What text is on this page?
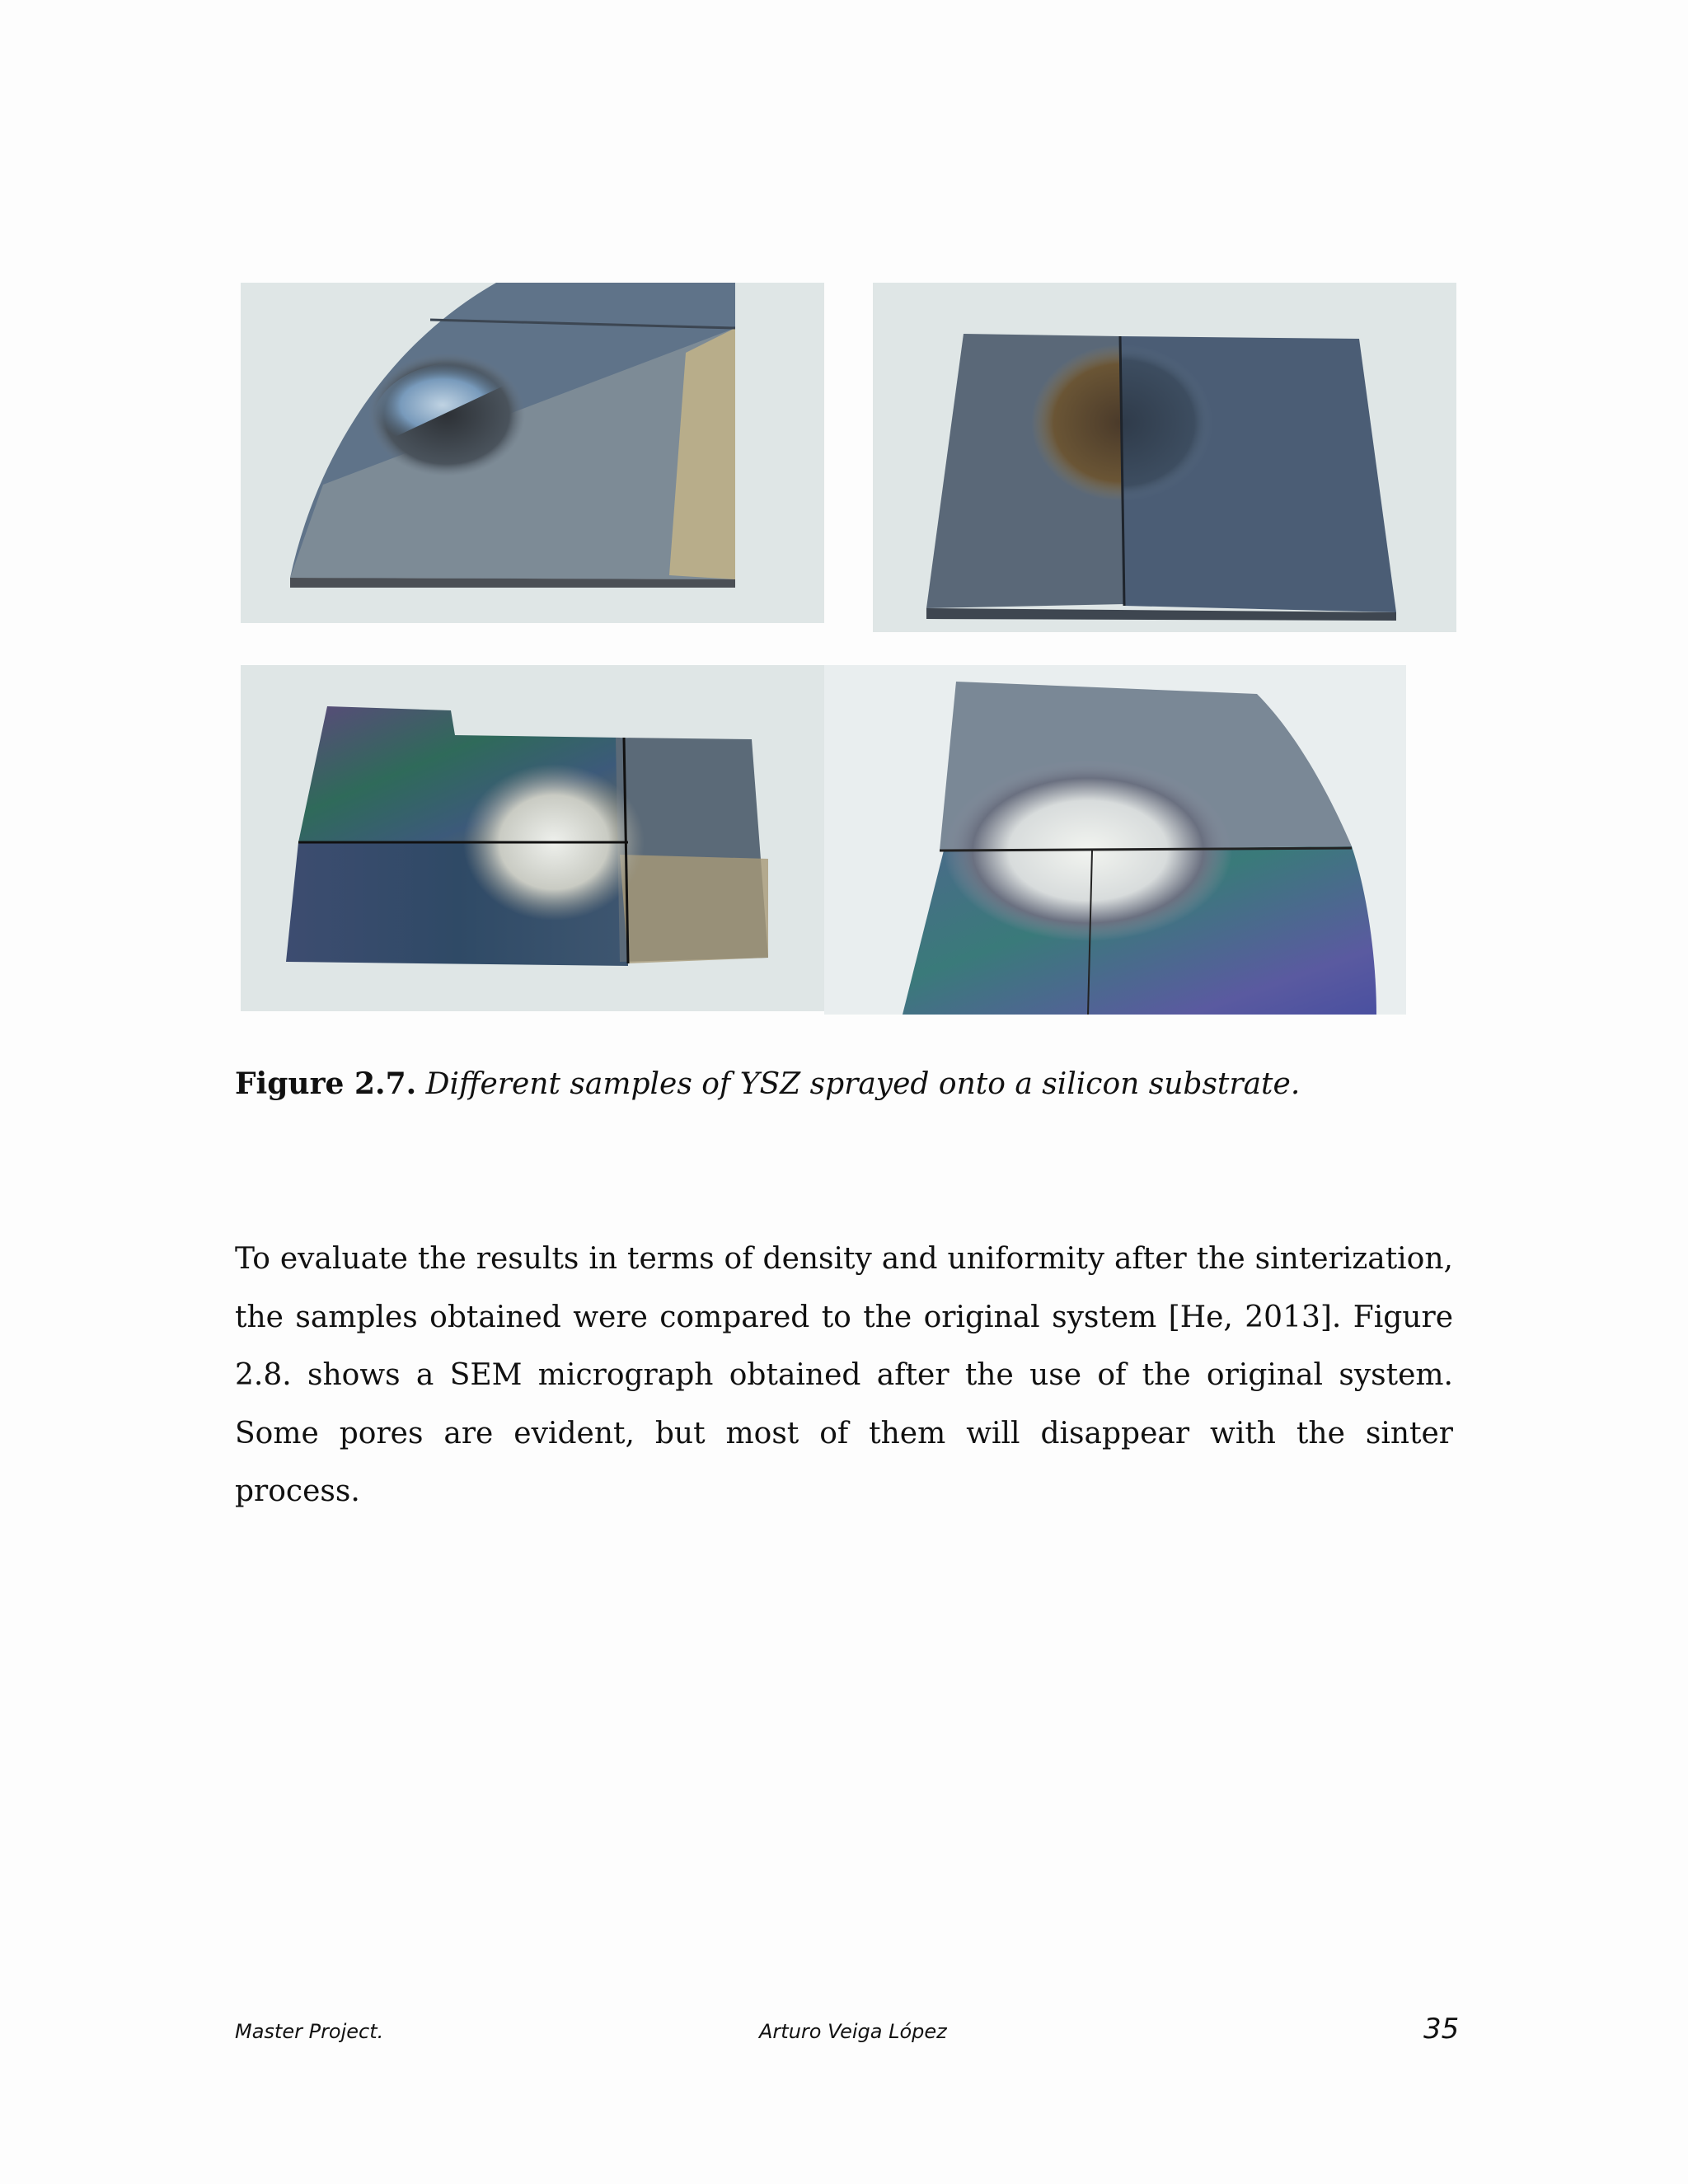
Figure 2.7. Different samples of YSZ sprayed onto a silicon substrate.
To evaluate the results in terms of density and uniformity after the sinterization, the samples obtained were compared to the original system [He, 2013]. Figure 2.8. shows a SEM micrograph obtained after the use of the original system. Some pores are evident, but most of them will disappear with the sinter process.
Master Project.	Arturo Veiga López	35
